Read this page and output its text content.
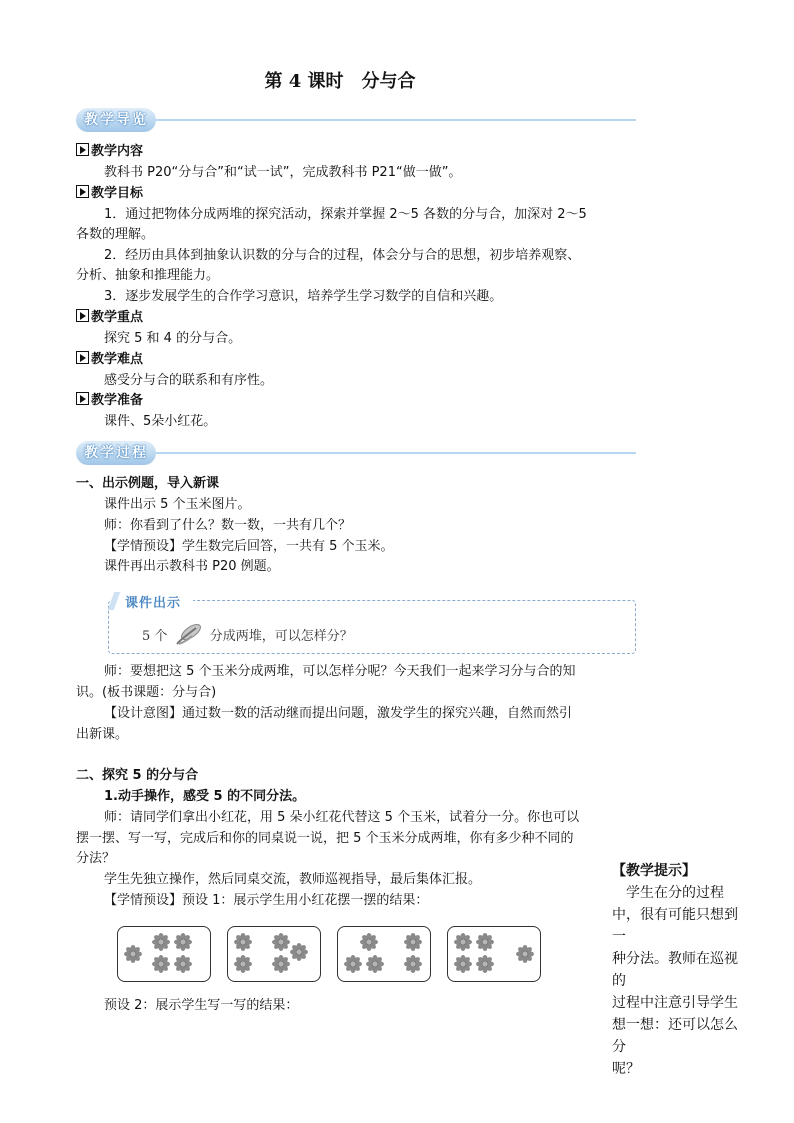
第 4 课时　分与合
教学导览
教学内容
教科书 P20“分与合”和“试一试”，完成教科书 P21“做一做”。
教学目标
1．通过把物体分成两堆的探究活动，探索并掌握 2～5 各数的分与合，加深对 2～5
各数的理解。
2．经历由具体到抽象认识数的分与合的过程，体会分与合的思想，初步培养观察、
分析、抽象和推理能力。
3．逐步发展学生的合作学习意识，培养学生学习数学的自信和兴趣。
教学重点
探究 5 和 4 的分与合。
教学难点
感受分与合的联系和有序性。
教学准备
课件、5朵小红花。
教学过程
一、出示例题，导入新课
课件出示 5 个玉米图片。
师：你看到了什么？数一数，一共有几个？
【学情预设】学生数完后回答，一共有 5 个玉米。
课件再出示教科书 P20 例题。
课件出示
5 个	分成两堆，可以怎样分？
师：要想把这 5 个玉米分成两堆，可以怎样分呢？今天我们一起来学习分与合的知
识。(板书课题：分与合)
【设计意图】通过数一数的活动继而提出问题，激发学生的探究兴趣，自然而然引
出新课。
二、探究 5 的分与合
1.动手操作，感受 5 的不同分法。
师：请同学们拿出小红花，用 5 朵小红花代替这 5 个玉米，试着分一分。你也可以
摆一摆、写一写，完成后和你的同桌说一说，把 5 个玉米分成两堆，你有多少种不同的
分法？
学生先独立操作，然后同桌交流，教师巡视指导，最后集体汇报。
【学情预设】预设 1：展示学生用小红花摆一摆的结果：
预设 2：展示学生写一写的结果：
【教学提示】
　学生在分的过程
中，很有可能只想到一
种分法。教师在巡视的
过程中注意引导学生
想一想：还可以怎么分
呢？
